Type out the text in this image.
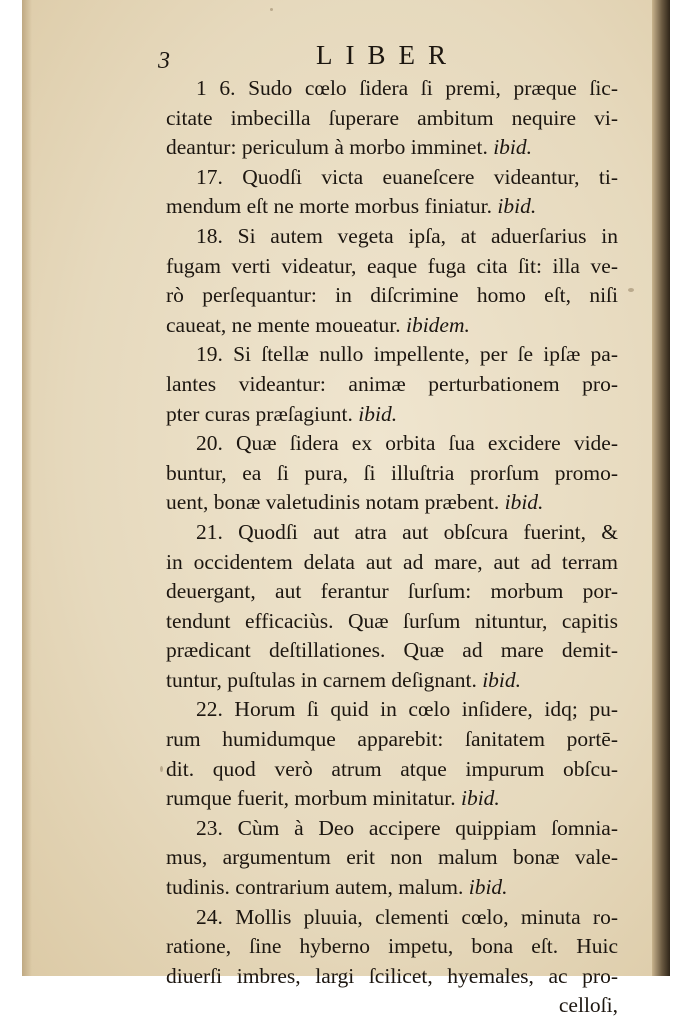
3	LIBER
1 6. Sudo cœlo ſidera ſi premi, præque ſic-
citate imbecilla ſuperare ambitum nequire vi-
deantur: periculum à morbo imminet. ibid.
17. Quodſi victa euaneſcere videantur, ti-
mendum eſt ne morte morbus finiatur. ibid.
18. Si autem vegeta ipſa, at aduerſarius in
fugam verti videatur, eaque fuga cita ſit: illa ve-
rò perſequantur: in diſcrimine homo eſt, niſi
caueat, ne mente moueatur. ibidem.
19. Si ſtellæ nullo impellente, per ſe ipſæ pa-
lantes videantur: animæ perturbationem pro-
pter curas præſagiunt. ibid.
20. Quæ ſidera ex orbita ſua excidere vide-
buntur, ea ſi pura, ſi illuſtria prorſum promo-
uent, bonæ valetudinis notam præbent. ibid.
21. Quodſi aut atra aut obſcura fuerint, &
in occidentem delata aut ad mare, aut ad terram
deuergant, aut ferantur ſurſum: morbum por-
tendunt efficaciùs. Quæ ſurſum nituntur, capitis
prædicant deſtillationes. Quæ ad mare demit-
tuntur, puſtulas in carnem deſignant. ibid.
22. Horum ſi quid in cœlo inſidere, idq; pu-
rum humidumque apparebit: ſanitatem portē-
dit. quod verò atrum atque impurum obſcu-
rumque fuerit, morbum minitatur. ibid.
23. Cùm à Deo accipere quippiam ſomnia-
mus, argumentum erit non malum bonæ vale-
tudinis. contrarium autem, malum. ibid.
24. Mollis pluuia, clementi cœlo, minuta ro-
ratione, ſine hyberno impetu, bona eſt. Huic
diuerſi imbres, largi ſcilicet, hyemales, ac pro-
celloſi,
